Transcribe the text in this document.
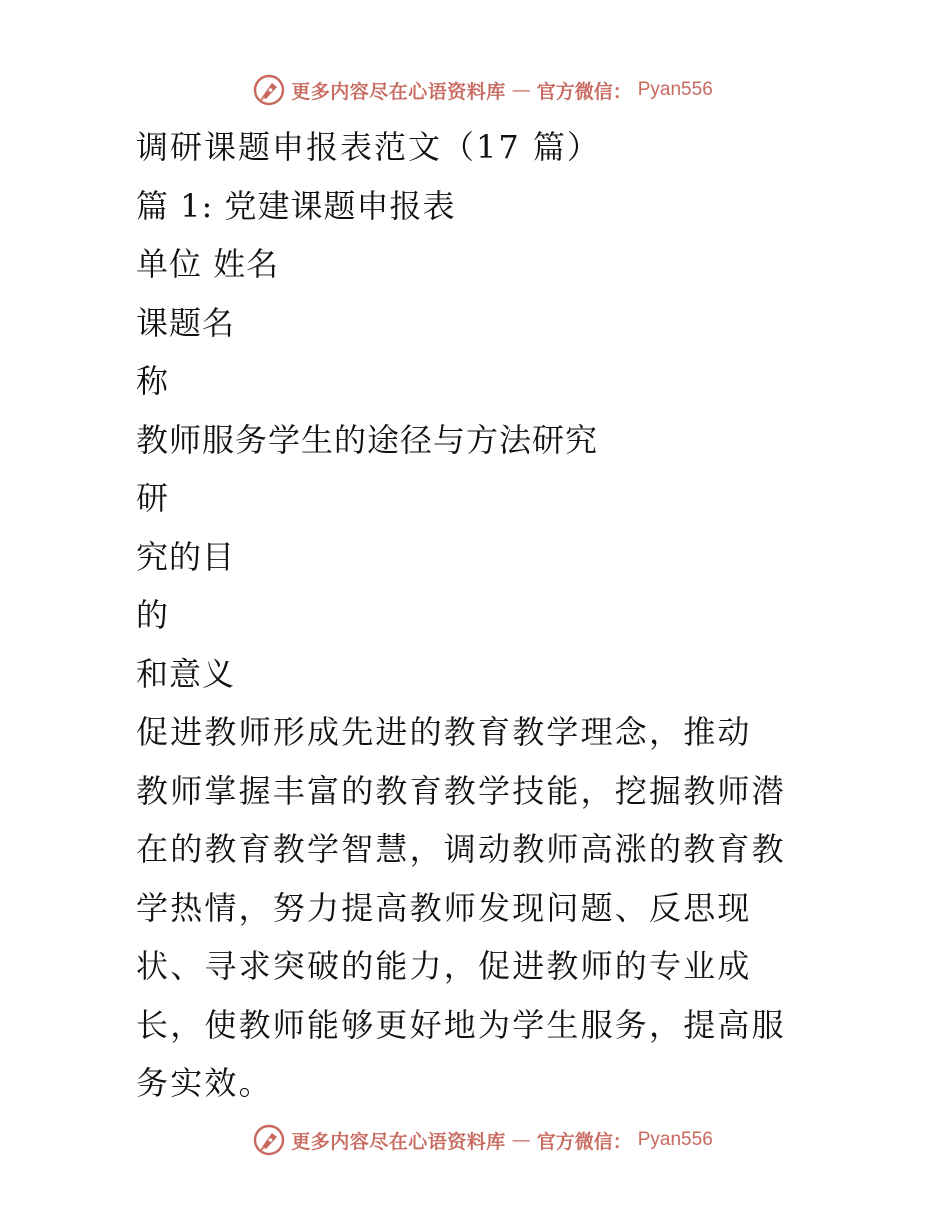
更多内容尽在心语资料库 — 官方微信： Pyan556
调研课题申报表范文（17 篇）
篇 1: 党建课题申报表
单位 姓名
课题名
称
教师服务学生的途径与方法研究
研
究的目
的
和意义
促进教师形成先进的教育教学理念，推动
教师掌握丰富的教育教学技能，挖掘教师潜
在的教育教学智慧，调动教师高涨的教育教
学热情，努力提高教师发现问题、反思现
状、寻求突破的能力，促进教师的专业成
长，使教师能够更好地为学生服务，提高服
务实效。
更多内容尽在心语资料库 — 官方微信： Pyan556
